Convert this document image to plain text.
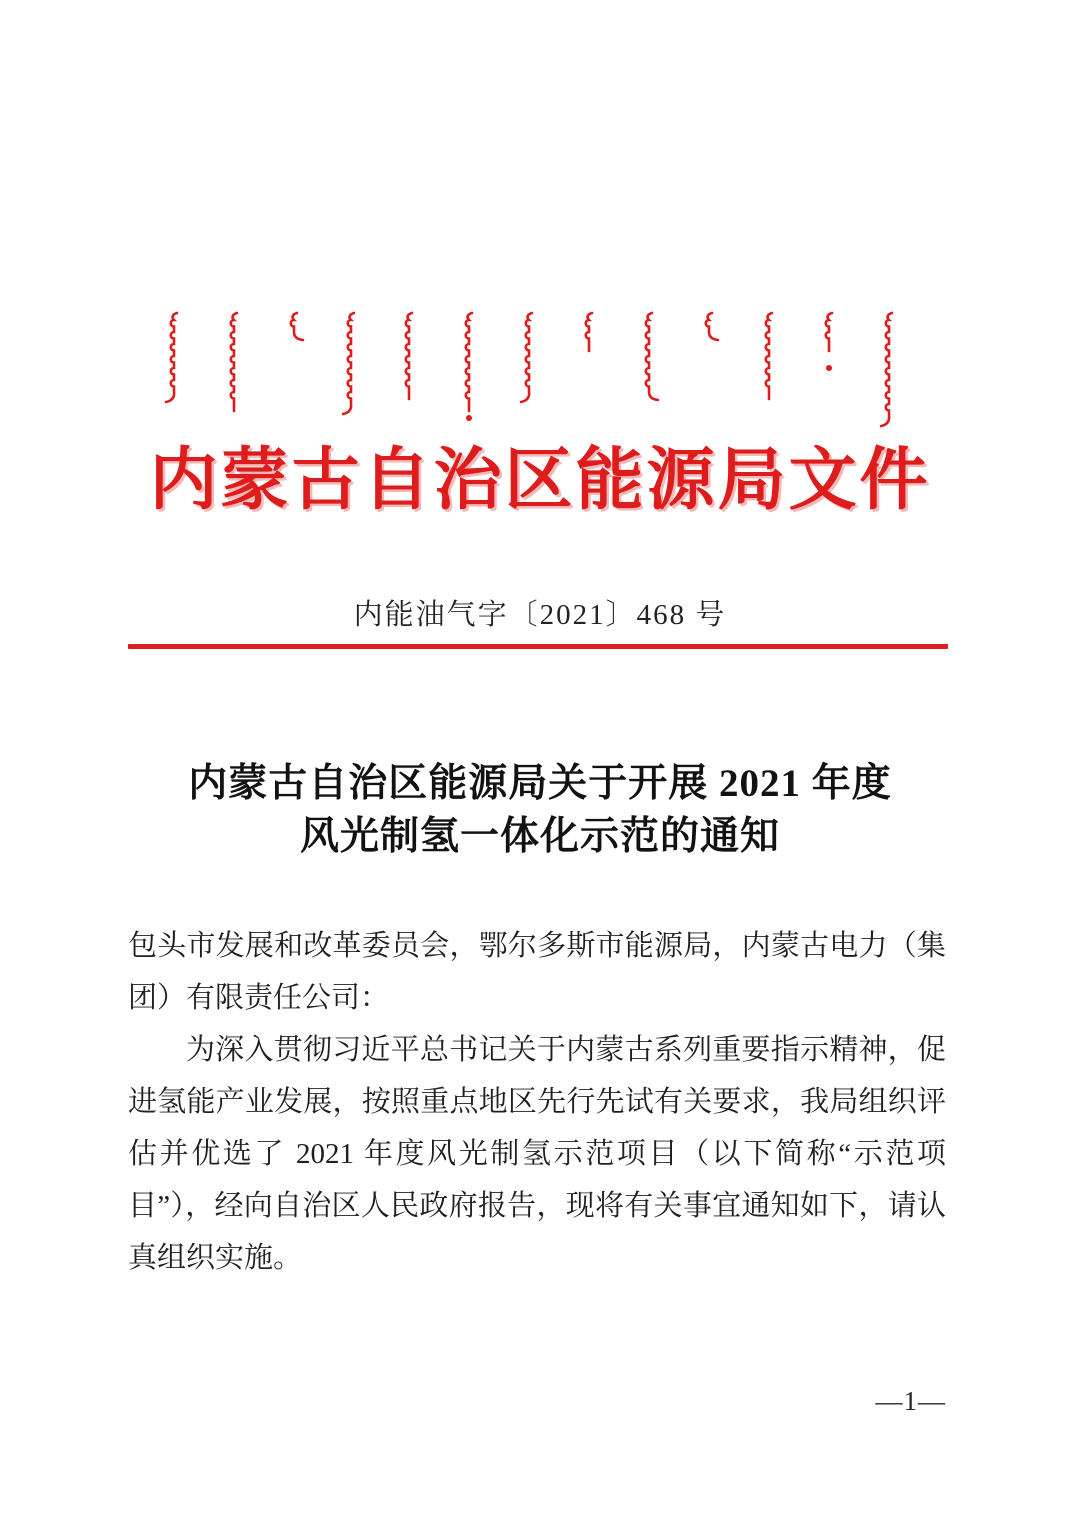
内蒙古自治区能源局文件
内能油气字〔2021〕468 号
内蒙古自治区能源局关于开展 2021 年度
风光制氢一体化示范的通知
包头市发展和改革委员会，鄂尔多斯市能源局，内蒙古电力（集
团）有限责任公司：
为深入贯彻习近平总书记关于内蒙古系列重要指示精神，促
进氢能产业发展，按照重点地区先行先试有关要求，我局组织评
估并优选了 2021 年度风光制氢示范项目（以下简称“示范项
目”），经向自治区人民政府报告，现将有关事宜通知如下，请认
真组织实施。
—1—
